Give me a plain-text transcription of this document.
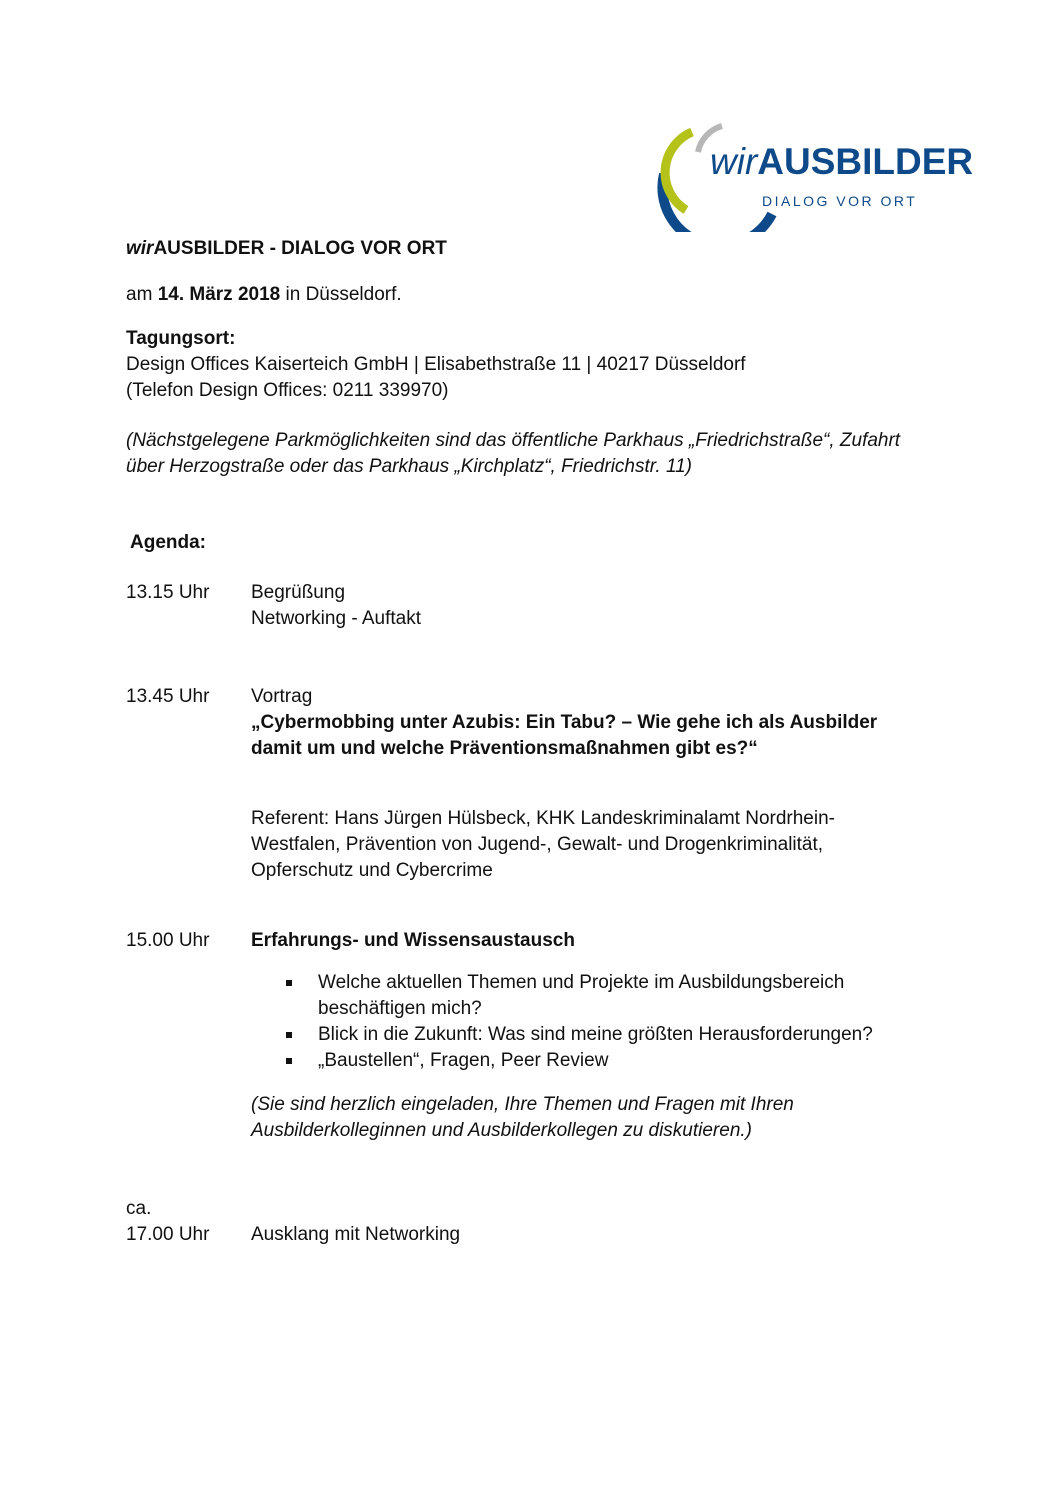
wirAUSBILDER
DIALOG VOR ORT
wirAUSBILDER - DIALOG VOR ORT
am 14. März 2018 in Düsseldorf.
Tagungsort:
Design Offices Kaiserteich GmbH | Elisabethstraße 11 | 40217 Düsseldorf
(Telefon Design Offices: 0211 339970)
(Nächstgelegene Parkmöglichkeiten sind das öffentliche Parkhaus „Friedrichstraße“, Zufahrt
über Herzogstraße oder das Parkhaus „Kirchplatz“, Friedrichstr. 11)
Agenda:
13.15 Uhr Begrüßung
Networking - Auftakt
13.45 Uhr Vortrag
„Cybermobbing unter Azubis: Ein Tabu? – Wie gehe ich als Ausbilder
damit um und welche Präventionsmaßnahmen gibt es?“
Referent: Hans Jürgen Hülsbeck, KHK Landeskriminalamt Nordrhein-
Westfalen, Prävention von Jugend-, Gewalt- und Drogenkriminalität,
Opferschutz und Cybercrime
15.00 Uhr Erfahrungs- und Wissensaustausch
Welche aktuellen Themen und Projekte im Ausbildungsbereich
beschäftigen mich?
Blick in die Zukunft: Was sind meine größten Herausforderungen?
„Baustellen“, Fragen, Peer Review
(Sie sind herzlich eingeladen, Ihre Themen und Fragen mit Ihren
Ausbilderkolleginnen und Ausbilderkollegen zu diskutieren.)
ca.
17.00 Uhr Ausklang mit Networking
